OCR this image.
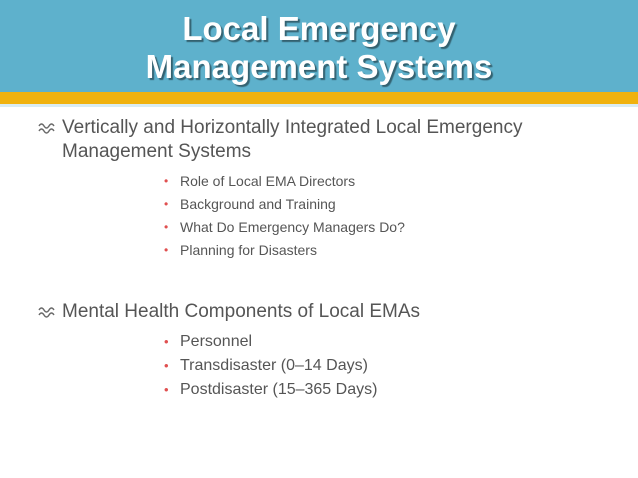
Local Emergency
Management Systems
Vertically and Horizontally Integrated Local Emergency Management Systems
• Role of Local EMA Directors
• Background and Training
• What Do Emergency Managers Do?
• Planning for Disasters
Mental Health Components of Local EMAs
• Personnel
• Transdisaster (0–14 Days)
• Postdisaster (15–365 Days)
